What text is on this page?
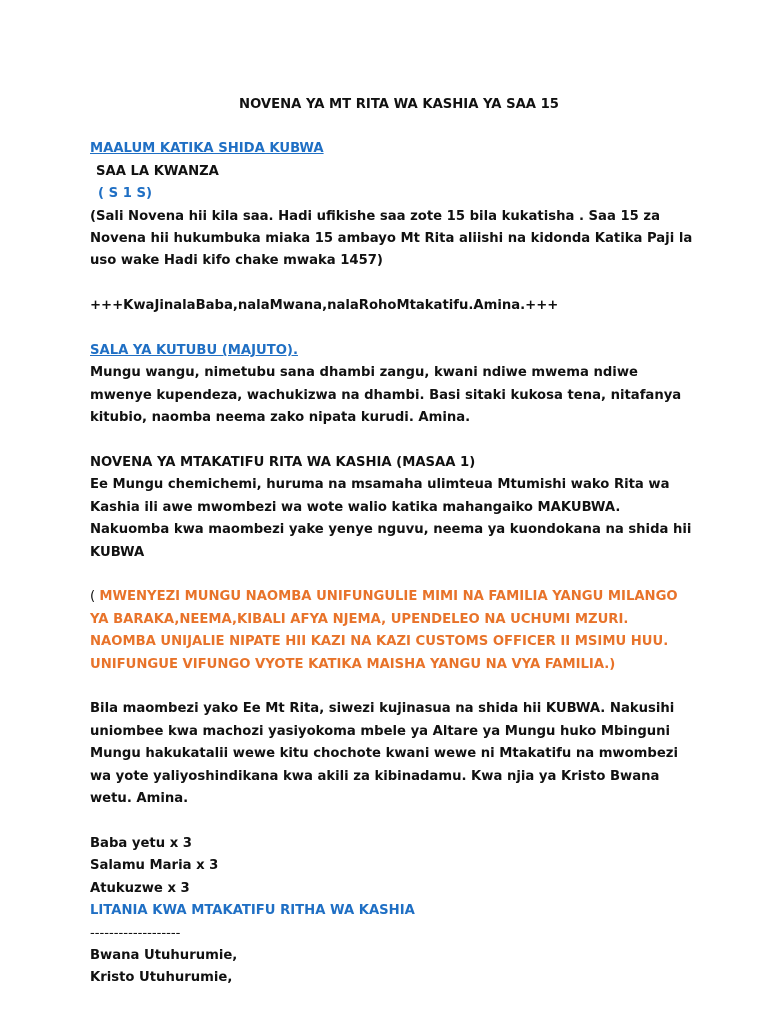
NOVENA YA MT RITA WA KASHIA YA SAA 15

MAALUM KATIKA SHIDA KUBWA

SAA LA KWANZA

( S 1 S)

(Sali Novena hii kila saa. Hadi ufikishe saa zote 15 bila kukatisha . Saa 15 za Novena hii hukumbuka miaka 15 ambayo Mt Rita aliishi na kidonda Katika Paji la uso wake Hadi kifo chake mwaka 1457)

+++KwaJinalaBaba,nalaMwana,nalaRohoMtakatifu.Amina.+++

SALA YA KUTUBU (MAJUTO).

Mungu wangu, nimetubu sana dhambi zangu, kwani ndiwe mwema ndiwe mwenye kupendeza, wachukizwa na dhambi. Basi sitaki kukosa tena, nitafanya kitubio, naomba neema zako nipata kurudi. Amina.

NOVENA YA MTAKATIFU RITA WA KASHIA (MASAA 1)

Ee Mungu chemichemi, huruma na msamaha ulimteua Mtumishi wako Rita wa Kashia ili awe mwombezi wa wote walio katika mahangaiko MAKUBWA.

Nakuomba kwa maombezi yake yenye nguvu, neema ya kuondokana na shida hii KUBWA

( MWENYEZI MUNGU NAOMBA UNIFUNGULIE MIMI NA FAMILIA YANGU MILANGO YA BARAKA,NEEMA,KIBALI AFYA NJEMA, UPENDELEO NA UCHUMI MZURI. NAOMBA UNIJALIE NIPATE HII KAZI NA KAZI CUSTOMS OFFICER II MSIMU HUU. UNIFUNGUE VIFUNGO VYOTE KATIKA MAISHA YANGU NA VYA FAMILIA.)

Bila maombezi yako Ee Mt Rita, siwezi kujinasua na shida hii KUBWA. Nakusihi uniombee kwa machozi yasiyokoma mbele ya Altare ya Mungu huko Mbinguni

Mungu hakukatalii wewe kitu chochote kwani wewe ni Mtakatifu na mwombezi wa yote yaliyoshindikana kwa akili za kibinadamu. Kwa njia ya Kristo Bwana wetu. Amina.

Baba yetu x 3

Salamu Maria x 3

Atukuzwe x 3

LITANIA KWA MTAKATIFU RITHA WA KASHIA

-------------------

Bwana Utuhurumie,

Kristo Utuhurumie,
